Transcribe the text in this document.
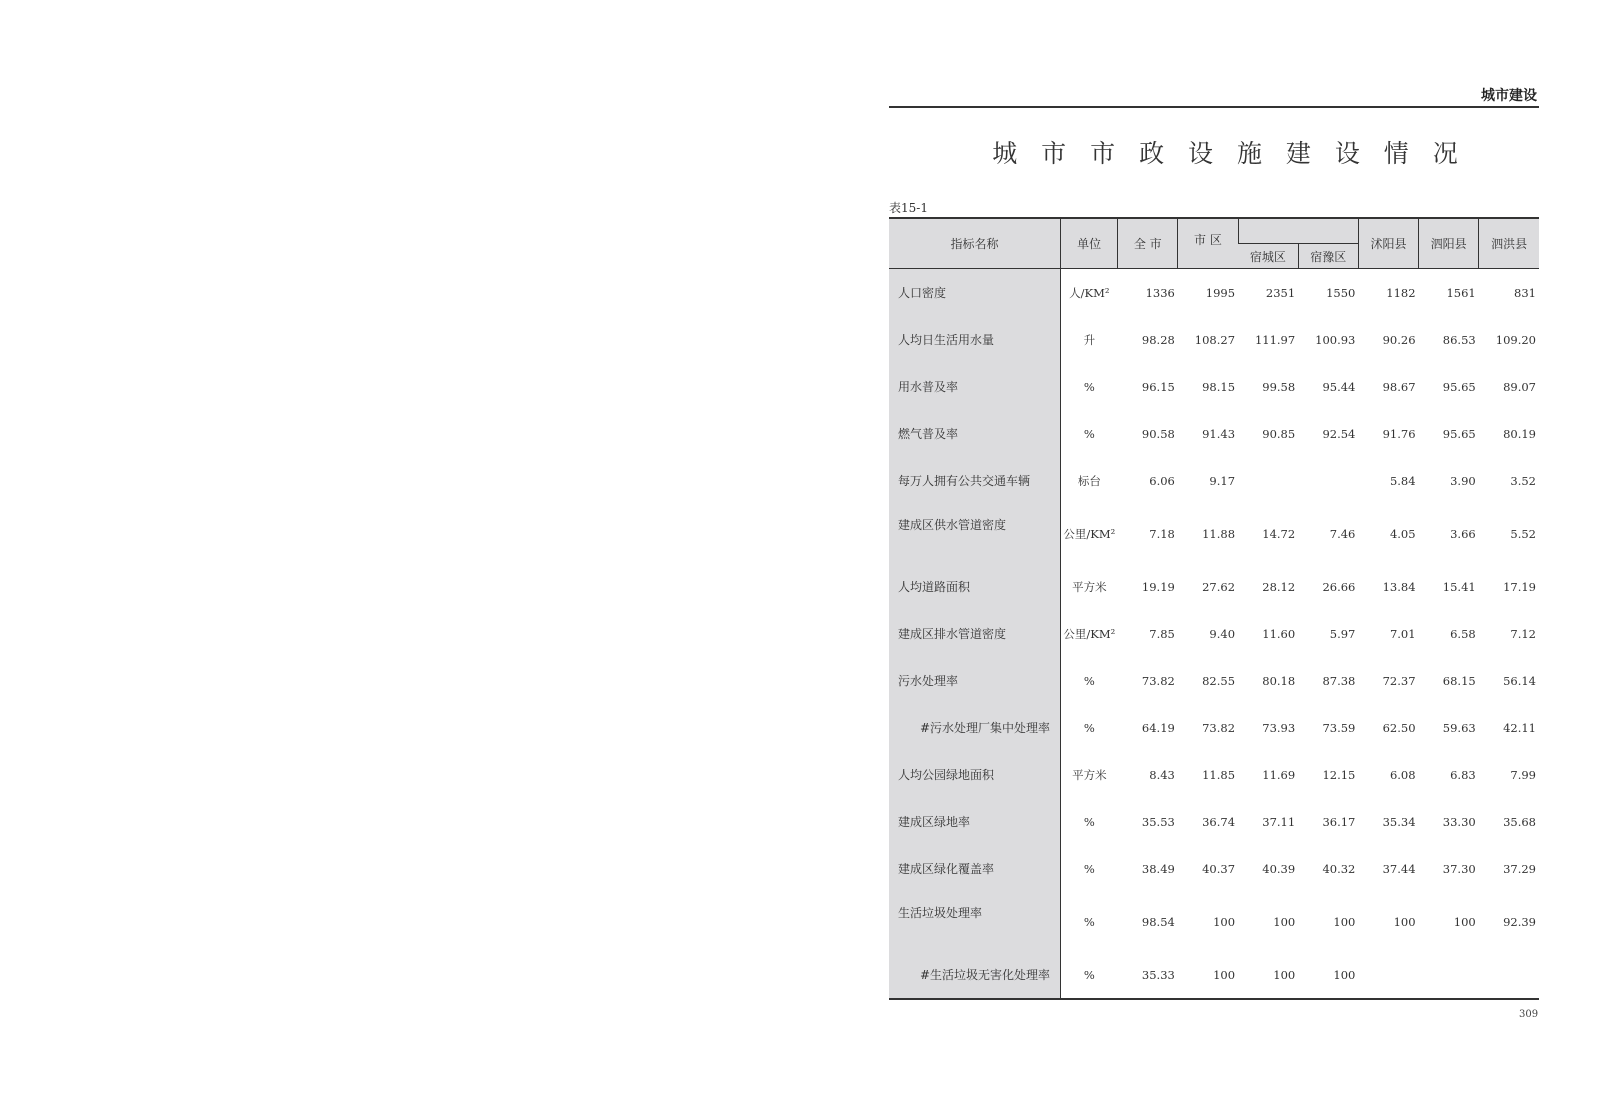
城市建设
城 市 市 政 设 施 建 设 情 况
表15-1
指标名称	单位	全 市	市 区			沭阳县	泗阳县	泗洪县
				宿城区	宿豫区			
人口密度	人/KM²	1336	1995	2351	1550	1182	1561	831
人均日生活用水量	升	98.28	108.27	111.97	100.93	90.26	86.53	109.20
用水普及率	%	96.15	98.15	99.58	95.44	98.67	95.65	89.07
燃气普及率	%	90.58	91.43	90.85	92.54	91.76	95.65	80.19
每万人拥有公共交通车辆	标台	6.06	9.17			5.84	3.90	3.52
建成区供水管道密度	公里/KM²	7.18	11.88	14.72	7.46	4.05	3.66	5.52
人均道路面积	平方米	19.19	27.62	28.12	26.66	13.84	15.41	17.19
建成区排水管道密度	公里/KM²	7.85	9.40	11.60	5.97	7.01	6.58	7.12
污水处理率	%	73.82	82.55	80.18	87.38	72.37	68.15	56.14
#污水处理厂集中处理率	%	64.19	73.82	73.93	73.59	62.50	59.63	42.11
人均公园绿地面积	平方米	8.43	11.85	11.69	12.15	6.08	6.83	7.99
建成区绿地率	%	35.53	36.74	37.11	36.17	35.34	33.30	35.68
建成区绿化覆盖率	%	38.49	40.37	40.39	40.32	37.44	37.30	37.29
生活垃圾处理率	%	98.54	100	100	100	100	100	92.39
#生活垃圾无害化处理率	%	35.33	100	100	100			
309
